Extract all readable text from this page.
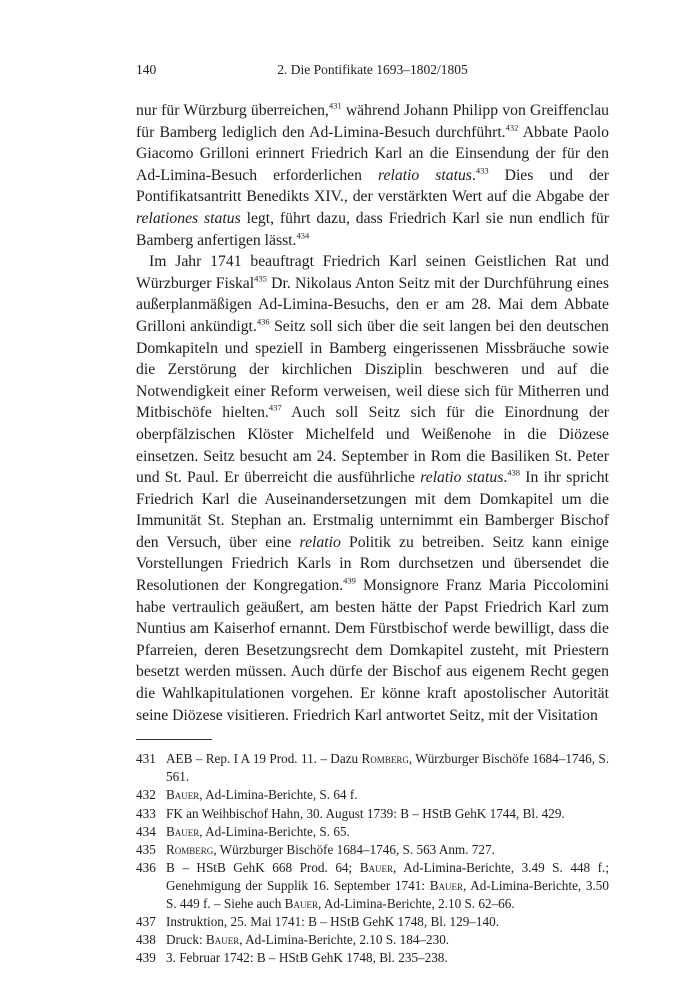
140	2. Die Pontifikate 1693–1802/1805

nur für Würzburg überreichen,$^{431}$ während Johann Philipp von Greiffenclau für Bamberg lediglich den Ad-Limina-Besuch durchführt.$^{432}$ Abbate Paolo Giacomo Grilloni erinnert Friedrich Karl an die Einsendung der für den Ad-Limina-Besuch erforderlichen relatio status.$^{433}$ Dies und der Pontifikatsantritt Benedikts XIV., der verstärkten Wert auf die Abgabe der relationes status legt, führt dazu, dass Friedrich Karl sie nun endlich für Bamberg anfertigen lässt.$^{434}$

Im Jahr 1741 beauftragt Friedrich Karl seinen Geistlichen Rat und Würzburger Fiskal$^{435}$ Dr. Nikolaus Anton Seitz mit der Durchführung eines außerplanmäßigen Ad-Limina-Besuchs, den er am 28. Mai dem Abbate Grilloni ankündigt.$^{436}$ Seitz soll sich über die seit langen bei den deutschen Domkapiteln und speziell in Bamberg eingerissenen Missbräuche sowie die Zerstörung der kirchlichen Disziplin beschweren und auf die Notwendigkeit einer Reform verweisen, weil diese sich für Mitherren und Mitbischöfe hielten.$^{437}$ Auch soll Seitz sich für die Einordnung der oberpfälzischen Klöster Michelfeld und Weißenohe in die Diözese einsetzen. Seitz besucht am 24. September in Rom die Basiliken St. Peter und St. Paul. Er überreicht die ausführliche relatio status.$^{438}$ In ihr spricht Friedrich Karl die Auseinandersetzungen mit dem Domkapitel um die Immunität St. Stephan an. Erstmalig unternimmt ein Bamberger Bischof den Versuch, über eine relatio Politik zu betreiben. Seitz kann einige Vorstellungen Friedrich Karls in Rom durchsetzen und übersendet die Resolutionen der Kongregation.$^{439}$ Monsignore Franz Maria Piccolomini habe vertraulich geäußert, am besten hätte der Papst Friedrich Karl zum Nuntius am Kaiserhof ernannt. Dem Fürstbischof werde bewilligt, dass die Pfarreien, deren Besetzungsrecht dem Domkapitel zusteht, mit Priestern besetzt werden müssen. Auch dürfe der Bischof aus eigenem Recht gegen die Wahlkapitulationen vorgehen. Er könne kraft apostolischer Autorität seine Diözese visitieren. Friedrich Karl antwortet Seitz, mit der Visitation

431 AEB – Rep. I A 19 Prod. 11. – Dazu Romberg, Würzburger Bischöfe 1684–1746, S. 561.
432 Bauer, Ad-Limina-Berichte, S. 64 f.
433 FK an Weihbischof Hahn, 30. August 1739: B – HStB GehK 1744, Bl. 429.
434 Bauer, Ad-Limina-Berichte, S. 65.
435 Romberg, Würzburger Bischöfe 1684–1746, S. 563 Anm. 727.
436 B – HStB GehK 668 Prod. 64; Bauer, Ad-Limina-Berichte, 3.49 S. 448 f.; Genehmigung der Supplik 16. September 1741: Bauer, Ad-Limina-Berichte, 3.50 S. 449 f. – Siehe auch Bauer, Ad-Limina-Berichte, 2.10 S. 62–66.
437 Instruktion, 25. Mai 1741: B – HStB GehK 1748, Bl. 129–140.
438 Druck: Bauer, Ad-Limina-Berichte, 2.10 S. 184–230.
439 3. Februar 1742: B – HStB GehK 1748, Bl. 235–238.
